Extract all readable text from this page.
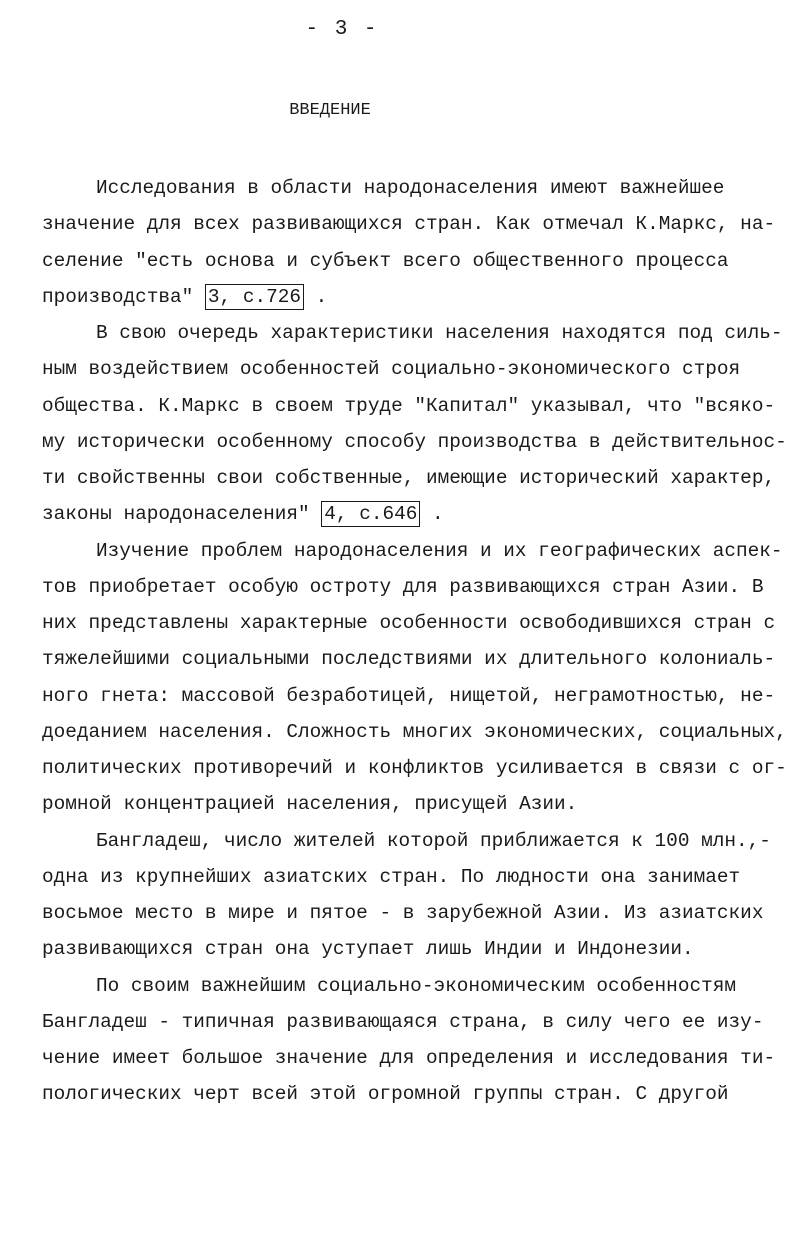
- 3 -
ВВЕДЕНИЕ
Исследования в области народонаселения имеют важнейшее
значение для всех развивающихся стран. Как отмечал К.Маркс, на-
селение "есть основа и субъект всего общественного процесса
производства" 3, с.726 .
В свою очередь характеристики населения находятся под силь-
ным воздействием особенностей социально-экономического строя
общества. К.Маркс в своем труде "Капитал" указывал, что "всяко-
му исторически особенному способу производства в действительнос-
ти свойственны свои собственные, имеющие исторический характер,
законы народонаселения" 4, с.646 .
Изучение проблем народонаселения и их географических аспек-
тов приобретает особую остроту для развивающихся стран Азии. В
них представлены характерные особенности освободившихся стран с
тяжелейшими социальными последствиями их длительного колониаль-
ного гнета: массовой безработицей, нищетой, неграмотностью, не-
доеданием населения. Сложность многих экономических, социальных,
политических противоречий и конфликтов усиливается в связи с ог-
ромной концентрацией населения, присущей Азии.
Бангладеш, число жителей которой приближается к 100 млн.,-
одна из крупнейших азиатских стран. По людности она занимает
восьмое место в мире и пятое - в зарубежной Азии. Из азиатских
развивающихся стран она уступает лишь Индии и Индонезии.
По своим важнейшим социально-экономическим особенностям
Бангладеш - типичная развивающаяся страна, в силу чего ее изу-
чение имеет большое значение для определения и исследования ти-
пологических черт всей этой огромной группы стран. С другой
